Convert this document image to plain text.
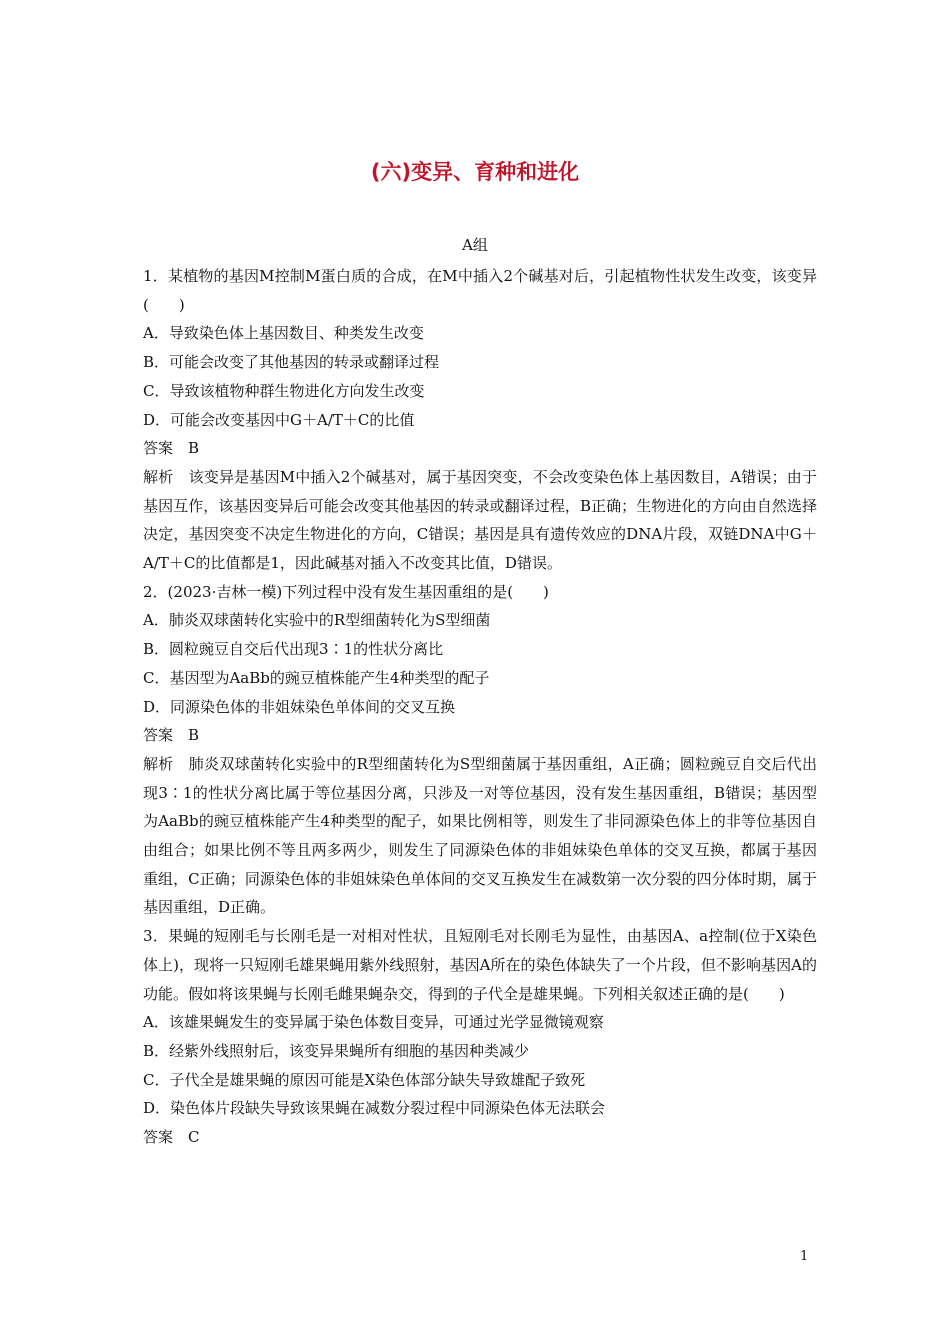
(六)变异、育种和进化
A组

1．某植物的基因M控制M蛋白质的合成，在M中插入2个碱基对后，引起植物性状发生改变，该变异(　　)

A．导致染色体上基因数目、种类发生改变

B．可能会改变了其他基因的转录或翻译过程

C．导致该植物种群生物进化方向发生改变

D．可能会改变基因中G＋A/T＋C的比值

答案　B

解析　该变异是基因M中插入2个碱基对，属于基因突变，不会改变染色体上基因数目，A错误；由于基因互作，该基因变异后可能会改变其他基因的转录或翻译过程，B正确；生物进化的方向由自然选择决定，基因突变不决定生物进化的方向，C错误；基因是具有遗传效应的DNA片段，双链DNA中G＋A/T＋C的比值都是1，因此碱基对插入不改变其比值，D错误。

2．(2023·吉林一模)下列过程中没有发生基因重组的是(　　)

A．肺炎双球菌转化实验中的R型细菌转化为S型细菌

B．圆粒豌豆自交后代出现3∶1的性状分离比

C．基因型为AaBb的豌豆植株能产生4种类型的配子

D．同源染色体的非姐妹染色单体间的交叉互换

答案　B

解析　肺炎双球菌转化实验中的R型细菌转化为S型细菌属于基因重组，A正确；圆粒豌豆自交后代出现3∶1的性状分离比属于等位基因分离，只涉及一对等位基因，没有发生基因重组，B错误；基因型为AaBb的豌豆植株能产生4种类型的配子，如果比例相等，则发生了非同源染色体上的非等位基因自由组合；如果比例不等且两多两少，则发生了同源染色体的非姐妹染色单体的交叉互换，都属于基因重组，C正确；同源染色体的非姐妹染色单体间的交叉互换发生在减数第一次分裂的四分体时期，属于基因重组，D正确。

3．果蝇的短刚毛与长刚毛是一对相对性状，且短刚毛对长刚毛为显性，由基因A、a控制(位于X染色体上)，现将一只短刚毛雄果蝇用紫外线照射，基因A所在的染色体缺失了一个片段，但不影响基因A的功能。假如将该果蝇与长刚毛雌果蝇杂交，得到的子代全是雄果蝇。下列相关叙述正确的是(　　)

A．该雄果蝇发生的变异属于染色体数目变异，可通过光学显微镜观察

B．经紫外线照射后，该变异果蝇所有细胞的基因种类减少

C．子代全是雄果蝇的原因可能是X染色体部分缺失导致雄配子致死

D．染色体片段缺失导致该果蝇在减数分裂过程中同源染色体无法联会

答案　C

1
